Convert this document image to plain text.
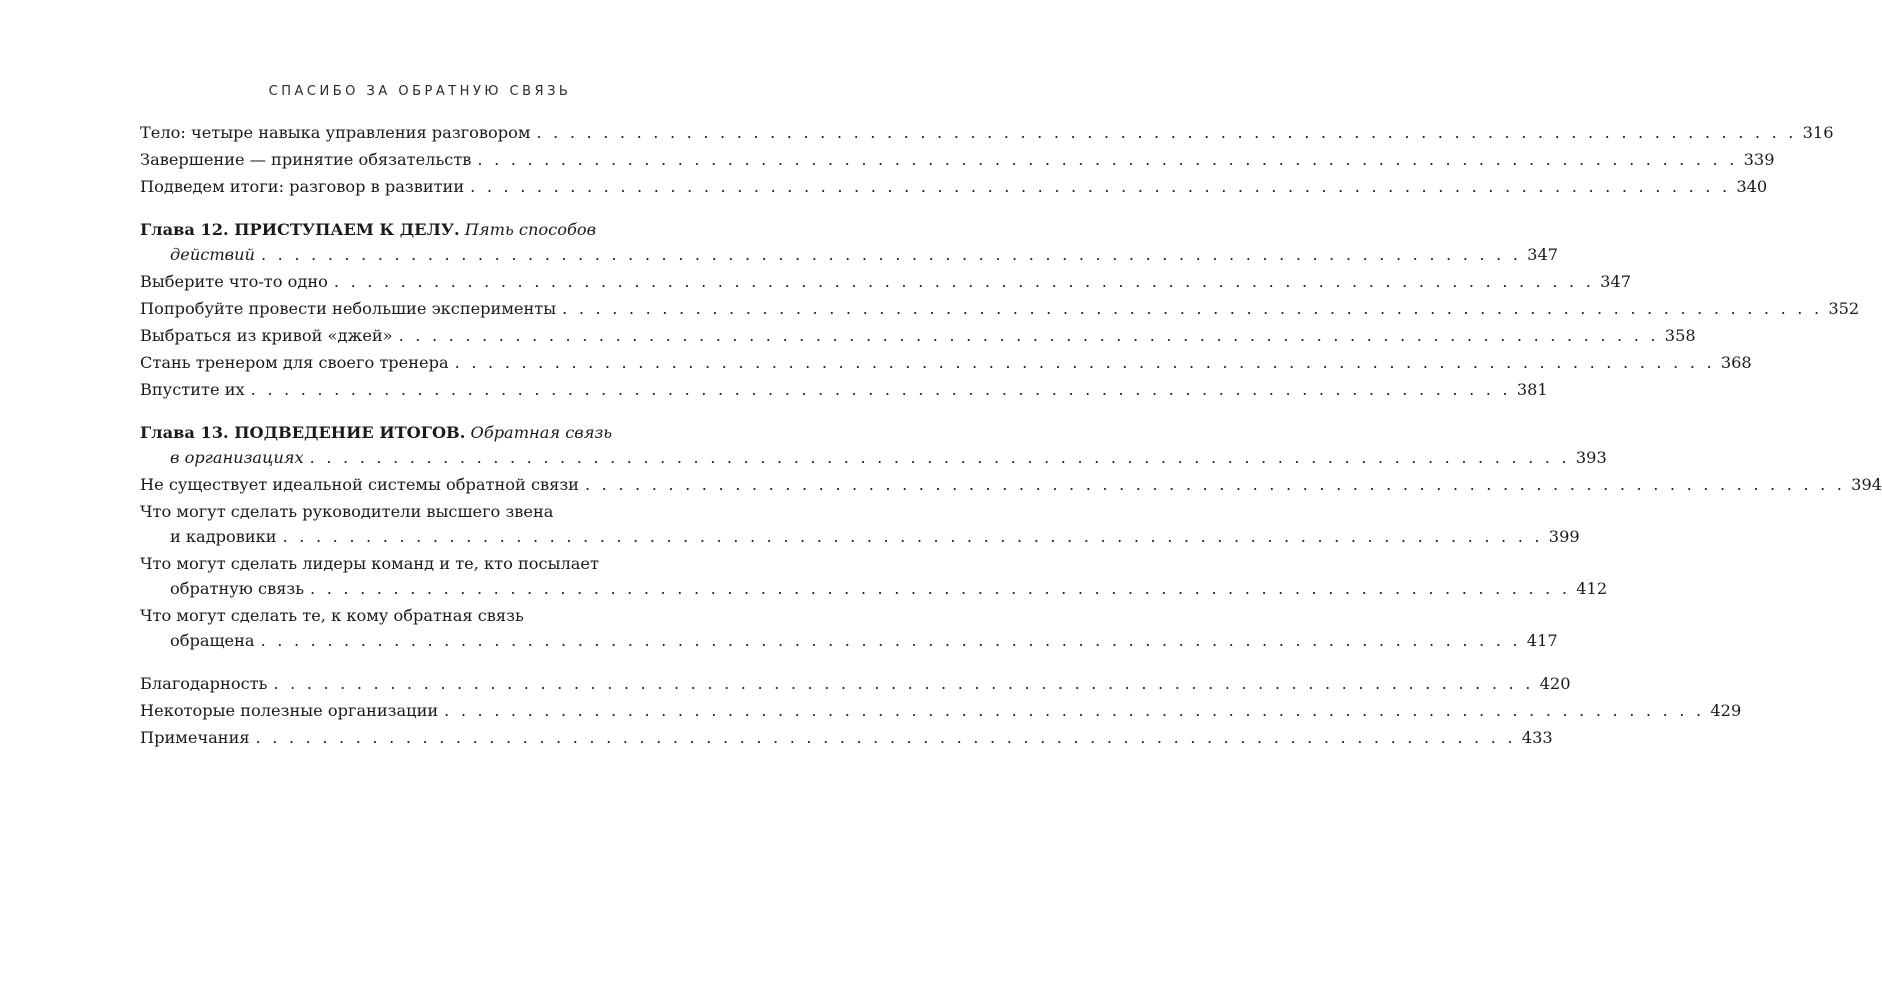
СПАСИБО ЗА ОБРАТНУЮ СВЯЗЬ
Тело: четыре навыка управления разговором . . . . . . . . . . . . . . . . . . . . . . . . . . . . . . . . . . . . . . . . . . . . . . . . . . . . . . . . . . . . . . . . . . . . . . . . . . . . 316
Завершение — принятие обязательств . . . . . . . . . . . . . . . . . . . . . . . . . . . . . . . . . . . . . . . . . . . . . . . . . . . . . . . . . . . . . . . . . . . . . . . . . . . . 339
Подведем итоги: разговор в развитии . . . . . . . . . . . . . . . . . . . . . . . . . . . . . . . . . . . . . . . . . . . . . . . . . . . . . . . . . . . . . . . . . . . . . . . . . . . . 340
Глава 12. ПРИСТУПАЕМ К ДЕЛУ. Пять способов
действий . . . . . . . . . . . . . . . . . . . . . . . . . . . . . . . . . . . . . . . . . . . . . . . . . . . . . . . . . . . . . . . . . . . . . . . . . . . . 347
Выберите что-то одно . . . . . . . . . . . . . . . . . . . . . . . . . . . . . . . . . . . . . . . . . . . . . . . . . . . . . . . . . . . . . . . . . . . . . . . . . . . . 347
Попробуйте провести небольшие эксперименты . . . . . . . . . . . . . . . . . . . . . . . . . . . . . . . . . . . . . . . . . . . . . . . . . . . . . . . . . . . . . . . . . . . . . . . . . . . . 352
Выбраться из кривой «джей» . . . . . . . . . . . . . . . . . . . . . . . . . . . . . . . . . . . . . . . . . . . . . . . . . . . . . . . . . . . . . . . . . . . . . . . . . . . . 358
Стань тренером для своего тренера . . . . . . . . . . . . . . . . . . . . . . . . . . . . . . . . . . . . . . . . . . . . . . . . . . . . . . . . . . . . . . . . . . . . . . . . . . . . 368
Впустите их . . . . . . . . . . . . . . . . . . . . . . . . . . . . . . . . . . . . . . . . . . . . . . . . . . . . . . . . . . . . . . . . . . . . . . . . . . . . 381
Глава 13. ПОДВЕДЕНИЕ ИТОГОВ. Обратная связь
в организациях . . . . . . . . . . . . . . . . . . . . . . . . . . . . . . . . . . . . . . . . . . . . . . . . . . . . . . . . . . . . . . . . . . . . . . . . . . . . 393
Не существует идеальной системы обратной связи . . . . . . . . . . . . . . . . . . . . . . . . . . . . . . . . . . . . . . . . . . . . . . . . . . . . . . . . . . . . . . . . . . . . . . . . . . . . 394
Что могут сделать руководители высшего звена
и кадровики . . . . . . . . . . . . . . . . . . . . . . . . . . . . . . . . . . . . . . . . . . . . . . . . . . . . . . . . . . . . . . . . . . . . . . . . . . . . 399
Что могут сделать лидеры команд и те, кто посылает
обратную связь . . . . . . . . . . . . . . . . . . . . . . . . . . . . . . . . . . . . . . . . . . . . . . . . . . . . . . . . . . . . . . . . . . . . . . . . . . . . 412
Что могут сделать те, к кому обратная связь
обращена . . . . . . . . . . . . . . . . . . . . . . . . . . . . . . . . . . . . . . . . . . . . . . . . . . . . . . . . . . . . . . . . . . . . . . . . . . . . 417
Благодарность . . . . . . . . . . . . . . . . . . . . . . . . . . . . . . . . . . . . . . . . . . . . . . . . . . . . . . . . . . . . . . . . . . . . . . . . . . . . 420
Некоторые полезные организации . . . . . . . . . . . . . . . . . . . . . . . . . . . . . . . . . . . . . . . . . . . . . . . . . . . . . . . . . . . . . . . . . . . . . . . . . . . . 429
Примечания . . . . . . . . . . . . . . . . . . . . . . . . . . . . . . . . . . . . . . . . . . . . . . . . . . . . . . . . . . . . . . . . . . . . . . . . . . . . 433
